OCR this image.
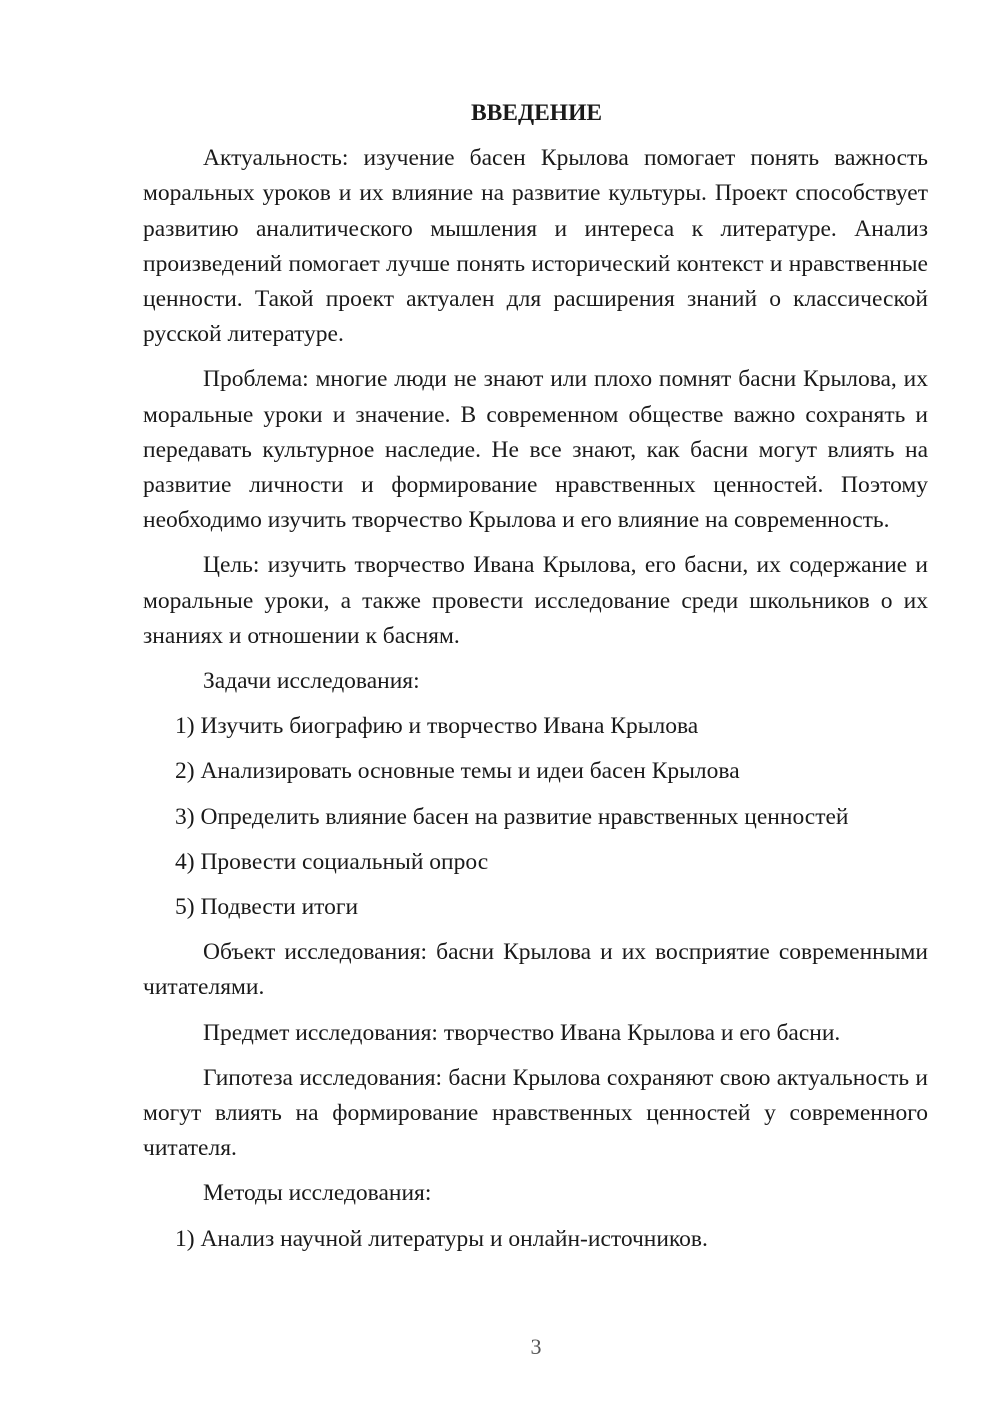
ВВЕДЕНИЕ

Актуальность: изучение басен Крылова помогает понять важность моральных уроков и их влияние на развитие культуры. Проект способствует развитию аналитического мышления и интереса к литературе. Анализ произведений помогает лучше понять исторический контекст и нравственные ценности. Такой проект актуален для расширения знаний о классической русской литературе.

Проблема: многие люди не знают или плохо помнят басни Крылова, их моральные уроки и значение. В современном обществе важно сохранять и передавать культурное наследие. Не все знают, как басни могут влиять на развитие личности и формирование нравственных ценностей. Поэтому необходимо изучить творчество Крылова и его влияние на современность.

Цель: изучить творчество Ивана Крылова, его басни, их содержание и моральные уроки, а также провести исследование среди школьников о их знаниях и отношении к басням.

Задачи исследования:
1) Изучить биографию и творчество Ивана Крылова
2) Анализировать основные темы и идеи басен Крылова
3) Определить влияние басен на развитие нравственных ценностей
4) Провести социальный опрос
5) Подвести итоги

Объект исследования: басни Крылова и их восприятие современными читателями.

Предмет исследования: творчество Ивана Крылова и его басни.

Гипотеза исследования: басни Крылова сохраняют свою актуальность и могут влиять на формирование нравственных ценностей у современного читателя.

Методы исследования:
1) Анализ научной литературы и онлайн-источников.
3
